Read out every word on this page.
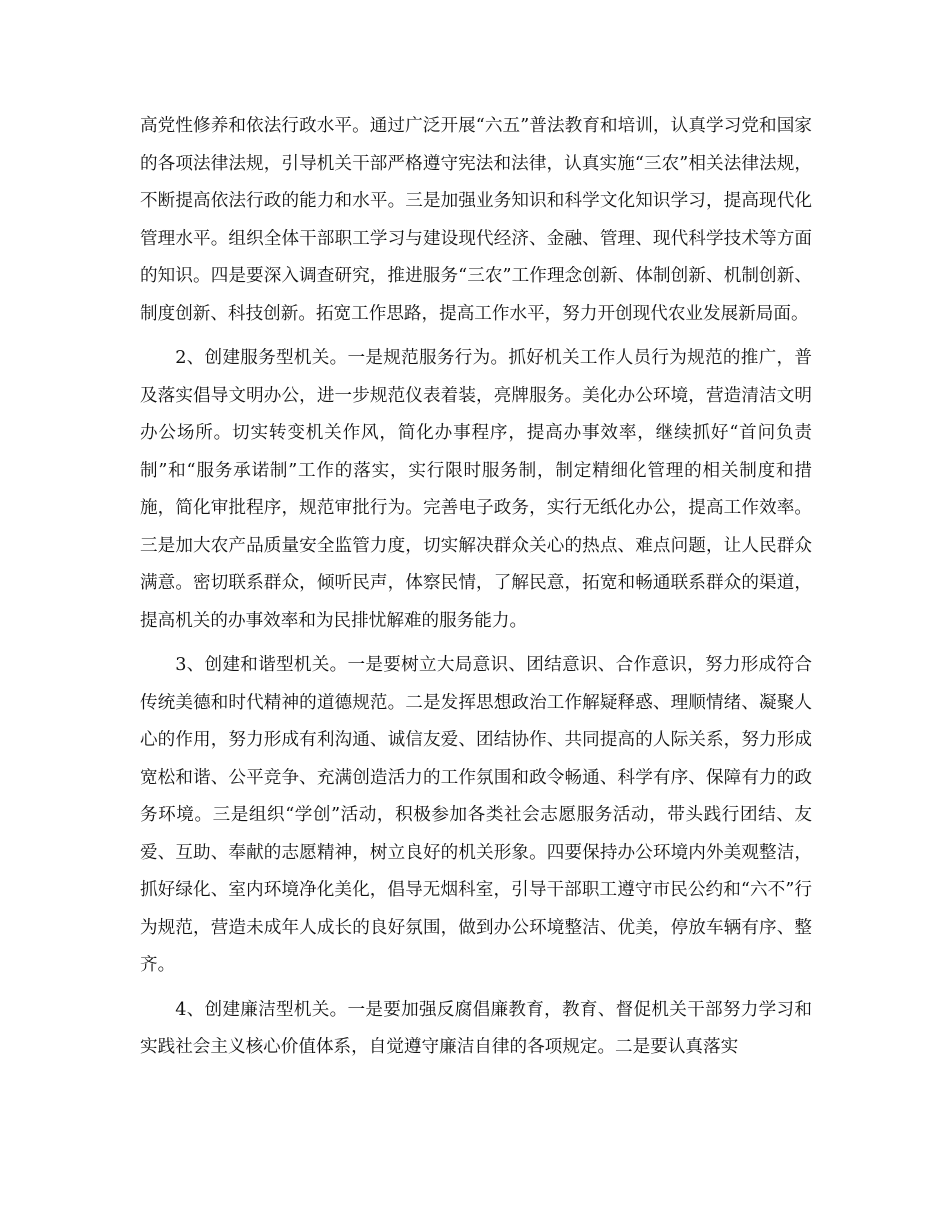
高党性修养和依法行政水平。通过广泛开展“六五”普法教育和培训，认真学习党和国家的各项法律法规，引导机关干部严格遵守宪法和法律，认真实施“三农”相关法律法规，不断提高依法行政的能力和水平。三是加强业务知识和科学文化知识学习，提高现代化管理水平。组织全体干部职工学习与建设现代经济、金融、管理、现代科学技术等方面的知识。四是要深入调查研究，推进服务“三农”工作理念创新、体制创新、机制创新、制度创新、科技创新。拓宽工作思路，提高工作水平，努力开创现代农业发展新局面。

2、创建服务型机关。一是规范服务行为。抓好机关工作人员行为规范的推广，普及落实倡导文明办公，进一步规范仪表着装，亮牌服务。美化办公环境，营造清洁文明办公场所。切实转变机关作风，简化办事程序，提高办事效率，继续抓好“首问负责制”和“服务承诺制”工作的落实，实行限时服务制，制定精细化管理的相关制度和措施，简化审批程序，规范审批行为。完善电子政务，实行无纸化办公，提高工作效率。三是加大农产品质量安全监管力度，切实解决群众关心的热点、难点问题，让人民群众满意。密切联系群众，倾听民声，体察民情，了解民意，拓宽和畅通联系群众的渠道，提高机关的办事效率和为民排忧解难的服务能力。

3、创建和谐型机关。一是要树立大局意识、团结意识、合作意识，努力形成符合传统美德和时代精神的道德规范。二是发挥思想政治工作解疑释惑、理顺情绪、凝聚人心的作用，努力形成有利沟通、诚信友爱、团结协作、共同提高的人际关系，努力形成宽松和谐、公平竞争、充满创造活力的工作氛围和政令畅通、科学有序、保障有力的政务环境。三是组织“学创”活动，积极参加各类社会志愿服务活动，带头践行团结、友爱、互助、奉献的志愿精神，树立良好的机关形象。四要保持办公环境内外美观整洁，抓好绿化、室内环境净化美化，倡导无烟科室，引导干部职工遵守市民公约和“六不”行为规范，营造未成年人成长的良好氛围，做到办公环境整洁、优美，停放车辆有序、整齐。

4、创建廉洁型机关。一是要加强反腐倡廉教育，教育、督促机关干部努力学习和实践社会主义核心价值体系，自觉遵守廉洁自律的各项规定。二是要认真落实
